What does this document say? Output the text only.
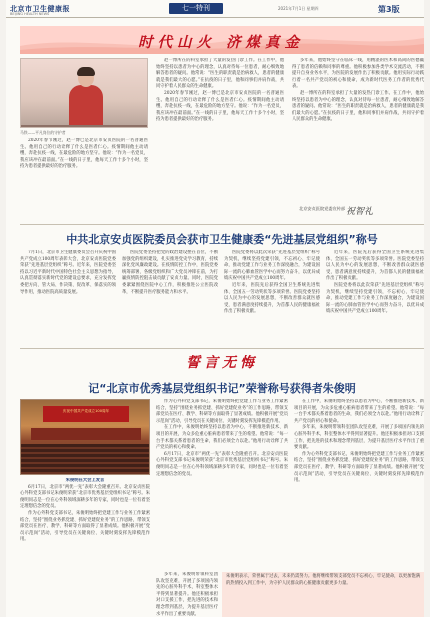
北京市卫生健康报
BEIJING HEALTH NEWS
七一特刊	2021年7月1日 星期四	第3版
时代山火 济煤真金
马铁——平凡岗位的守护者

2020年春节刚过，赵一博已是北京市安贞医院的一名普通医生。他用自己的行动诠释了什么是医者仁心。疫情期间他主动请缨，奔赴抗疫一线，在最危险的地方坚守。他说：“作为一名党员，我应该冲在最前面。”在一线的日子里，他每天工作十多个小时，坚持为患者提供最好的治疗服务。

赵一博所在的科室承担了大量的发热门诊工作。在工作中，他始终坚持以患者为中心的理念，认真对待每一位患者，耐心细致地解答患者的疑问。他常说：“医生的职责就是治病救人，患者的健康就是我们最大的心愿。”在抗疫的日子里，他和同事们并肩作战，共同守护着人民群众的生命健康。

2020年春节刚过，赵一博已是北京市安贞医院的一名普通医生。他用自己的行动诠释了什么是医者仁心。疫情期间他主动请缨，奔赴抗疫一线，在最危险的地方坚守。他说：“作为一名党员，我应该冲在最前面。”在一线的日子里，他每天工作十多个小时，坚持为患者提供最好的治疗服务。

多年来，他始终坚守在临床一线，用精湛的医术和高尚的医德赢得了患者的信赖和同事的尊重。他积极参加各类学术交流活动，不断提升自身业务水平，为医院的发展作出了积极贡献。他用实际行动践行着一名共产党员的初心和使命，成为新时代医务工作者的优秀代表。

赵一博所在的科室承担了大量的发热门诊工作。在工作中，他始终坚持以患者为中心的理念，认真对待每一位患者，耐心细致地解答患者的疑问。他常说：“医生的职责就是治病救人，患者的健康就是我们最大的心愿。”在抗疫的日子里，他和同事们并肩作战，共同守护着人民群众的生命健康。

北京安贞医院党委宣传部 祝智礼
中共北京安贞医院委员会获市卫生健康委“先进基层党组织”称号

7月1日，北京市卫生健康委员会召开庆祝中国共产党成立100周年表彰大会，北京安贞医院党委荣获“先进基层党组织”称号。近年来，医院党委坚持以习近平新时代中国特色社会主义思想为指导，认真贯彻落实新时代党的建设总要求，充分发挥党委把方向、管大局、作决策、促改革、保落实的领导作用，推动医院高质量发展。

医院党委坚持把党的政治建设摆在首位，不断加强党的组织建设，扎实推进党史学习教育，持续深化党风廉政建设。在疫情防控工作中，医院党委统筹部署，各级党组织和广大党员冲锋在前，为打赢疫情防控阻击战贡献了安贞力量。同时，医院党委紧紧围绕医院中心工作，积极推进公立医院改革，不断提升医疗服务能力和水平。

医院党委将以此次荣获“先进基层党组织”称号为契机，继续坚持党建引领，不忘初心、牢记使命，推动党建工作与业务工作深度融合，为建设国际一流的心肺血管医学中心而努力奋斗，以优异成绩庆祝中国共产党成立100周年。

近年来，医院先后获得全国卫生系统先进集体、全国五一劳动奖状等多项荣誉。医院党委坚持以人民为中心的发展思想，不断改善群众就医感受，患者满意度持续提升，为首都人民的健康福祉作出了积极贡献。

近年来，医院先后获得全国卫生系统先进集体、全国五一劳动奖状等多项荣誉。医院党委坚持以人民为中心的发展思想，不断改善群众就医感受，患者满意度持续提升，为首都人民的健康福祉作出了积极贡献。

医院党委将以此次荣获“先进基层党组织”称号为契机，继续坚持党建引领，不忘初心、牢记使命，推动党建工作与业务工作深度融合，为建设国际一流的心肺血管医学中心而努力奋斗，以优异成绩庆祝中国共产党成立100周年。

誓言无悔
记“北京市优秀基层党组织书记”荣誉称号获得者朱俊明
庆祝中国共产党成立100周年

朱俊明在大会上发言

6月17日，北京市“两优一先”表彰大会隆重召开。北京安贞医院心外科党支部书记朱俊明荣获“北京市优秀基层党组织书记”称号。朱俊明同志是一位在心外科领域深耕多年的专家，同时也是一位有着坚定理想信念的党员。

作为心外科党支部书记，朱俊明始终把党建工作与业务工作紧密结合，坚持“围绕业务抓党建、抓好党建促业务”的工作思路，带领支部党员在医疗、教学、科研等方面取得了显著成绩。他积极开展“党员示范岗”活动，引导党员在关键岗位、关键时刻发挥先锋模范作用。

作为心外科党支部书记，朱俊明始终把党建工作与业务工作紧密结合，坚持“围绕业务抓党建、抓好党建促业务”的工作思路，带领支部党员在医疗、教学、科研等方面取得了显著成绩。他积极开展“党员示范岗”活动，引导党员在关键岗位、关键时刻发挥先锋模范作用。

在工作中，朱俊明始终坚持以患者为中心，不断推进新技术、新项目的开展，为众多危重心脏病患者带来了生的希望。他常说：“每一台手术都关系着患者的生命，我们必须全力以赴。”他用行动诠释了共产党员的初心和使命。

6月17日，北京市“两优一先”表彰大会隆重召开。北京安贞医院心外科党支部书记朱俊明荣获“北京市优秀基层党组织书记”称号。朱俊明同志是一位在心外科领域深耕多年的专家，同时也是一位有着坚定理想信念的党员。

在工作中，朱俊明始终坚持以患者为中心，不断推进新技术、新项目的开展，为众多危重心脏病患者带来了生的希望。他常说：“每一台手术都关系着患者的生命，我们必须全力以赴。”他用行动诠释了共产党员的初心和使命。

多年来，朱俊明带领科室团队攻坚克难，开展了多项国内领先的心脏外科手术，科室整体水平得到显著提升。他还积极承担对口支援工作，把先进的技术和理念带到基层，为提升基层医疗水平作出了重要贡献。

作为心外科党支部书记，朱俊明始终把党建工作与业务工作紧密结合，坚持“围绕业务抓党建、抓好党建促业务”的工作思路，带领支部党员在医疗、教学、科研等方面取得了显著成绩。他积极开展“党员示范岗”活动，引导党员在关键岗位、关键时刻发挥先锋模范作用。

多年来，朱俊明带领科室团队攻坚克难，开展了多项国内领先的心脏外科手术，科室整体水平得到显著提升。他还积极承担对口支援工作，把先进的技术和理念带到基层，为提升基层医疗水平作出了重要贡献。

朱俊明表示，荣誉属于过去，未来仍需努力。他将继续带领支部党员不忘初心、牢记使命，以更加饱满的热情投入到工作中，为守护人民群众的心脏健康贡献更多力量。
